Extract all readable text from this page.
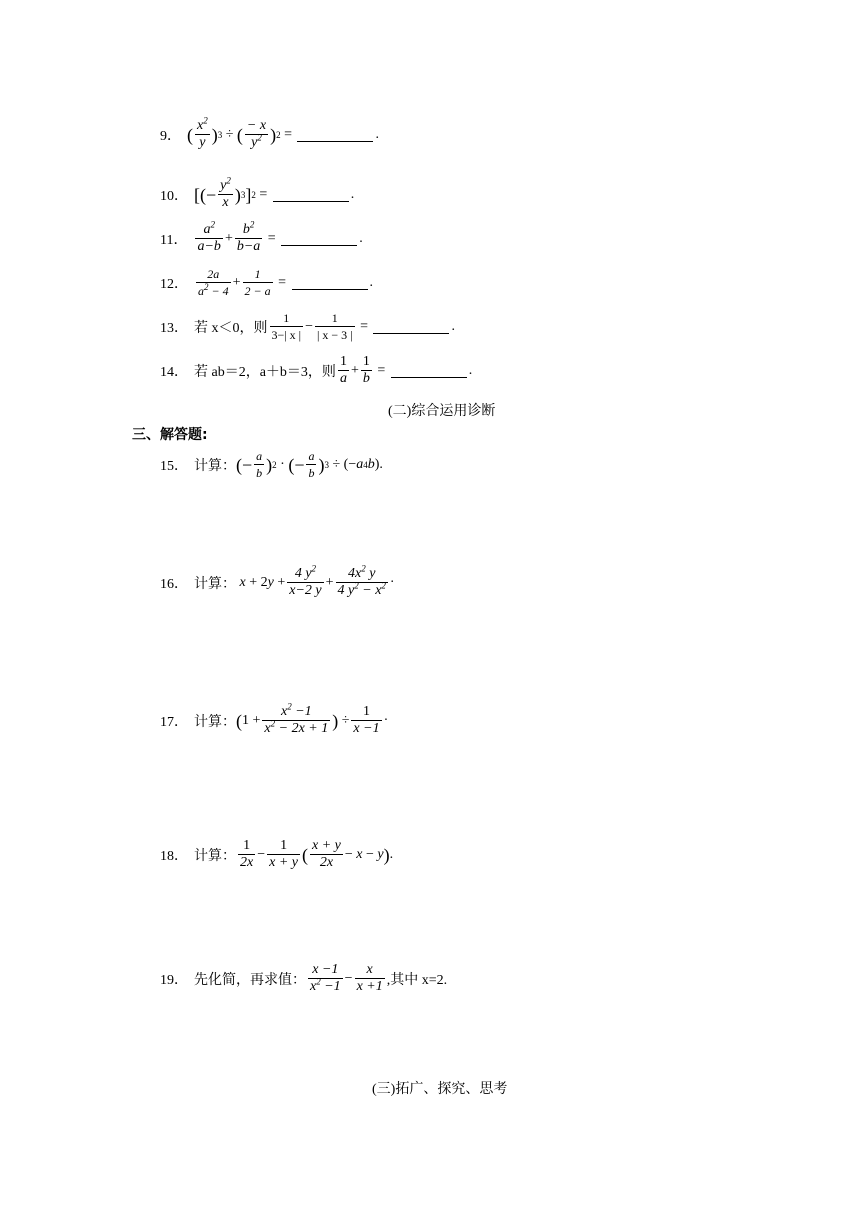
9． ( $\frac{x^2}{y}$ ) 3 ÷ ( $\frac{- x}{y^2}$ ) 2 =	.
10． [(− $\frac{y^2}{x}$ ) 3 ] 2 =	.
11． $\frac{a^2}{a-b} + \frac{b^2}{b-a}$ =	.
12． $\frac{2a}{a^2 - 4} + \frac{1}{2 - a}$ =	.
13． 若 x＜0，则 $\frac{1}{3-| x |} - \frac{1}{| x - 3 |}$ =	.
14． 若 ab＝2，a＋b＝3，则 $\frac{1}{a} + \frac{1}{b}$ =	.
(二)综合运用诊断
三、解答题:
15． 计算： (− $\frac{a}{b}$ ) 2 · (− $\frac{a}{b}$ ) 3 ÷ (− a 4 b ).
16． 计算：
x + 2 $y + \frac{4 y^2}{x-2 y} + \frac{4x^2 y}{4 y^2 - x^2}$ ·
17． 计算： ( $1 + \frac{x^2 -1}{x^2 - 2x + 1}$ ) ÷ $\frac{1}{x -1}$ ·
18． 计算： $\frac{1}{2x} - \frac{1}{x + y}$ ( $\frac{x + y}{2x} - x - y$ ) .
19． 先化简，再求值： $\frac{x -1}{x^2 -1} - \frac{x}{x +1}$ ,其中 x=2.
(三)拓广、探究、思考
